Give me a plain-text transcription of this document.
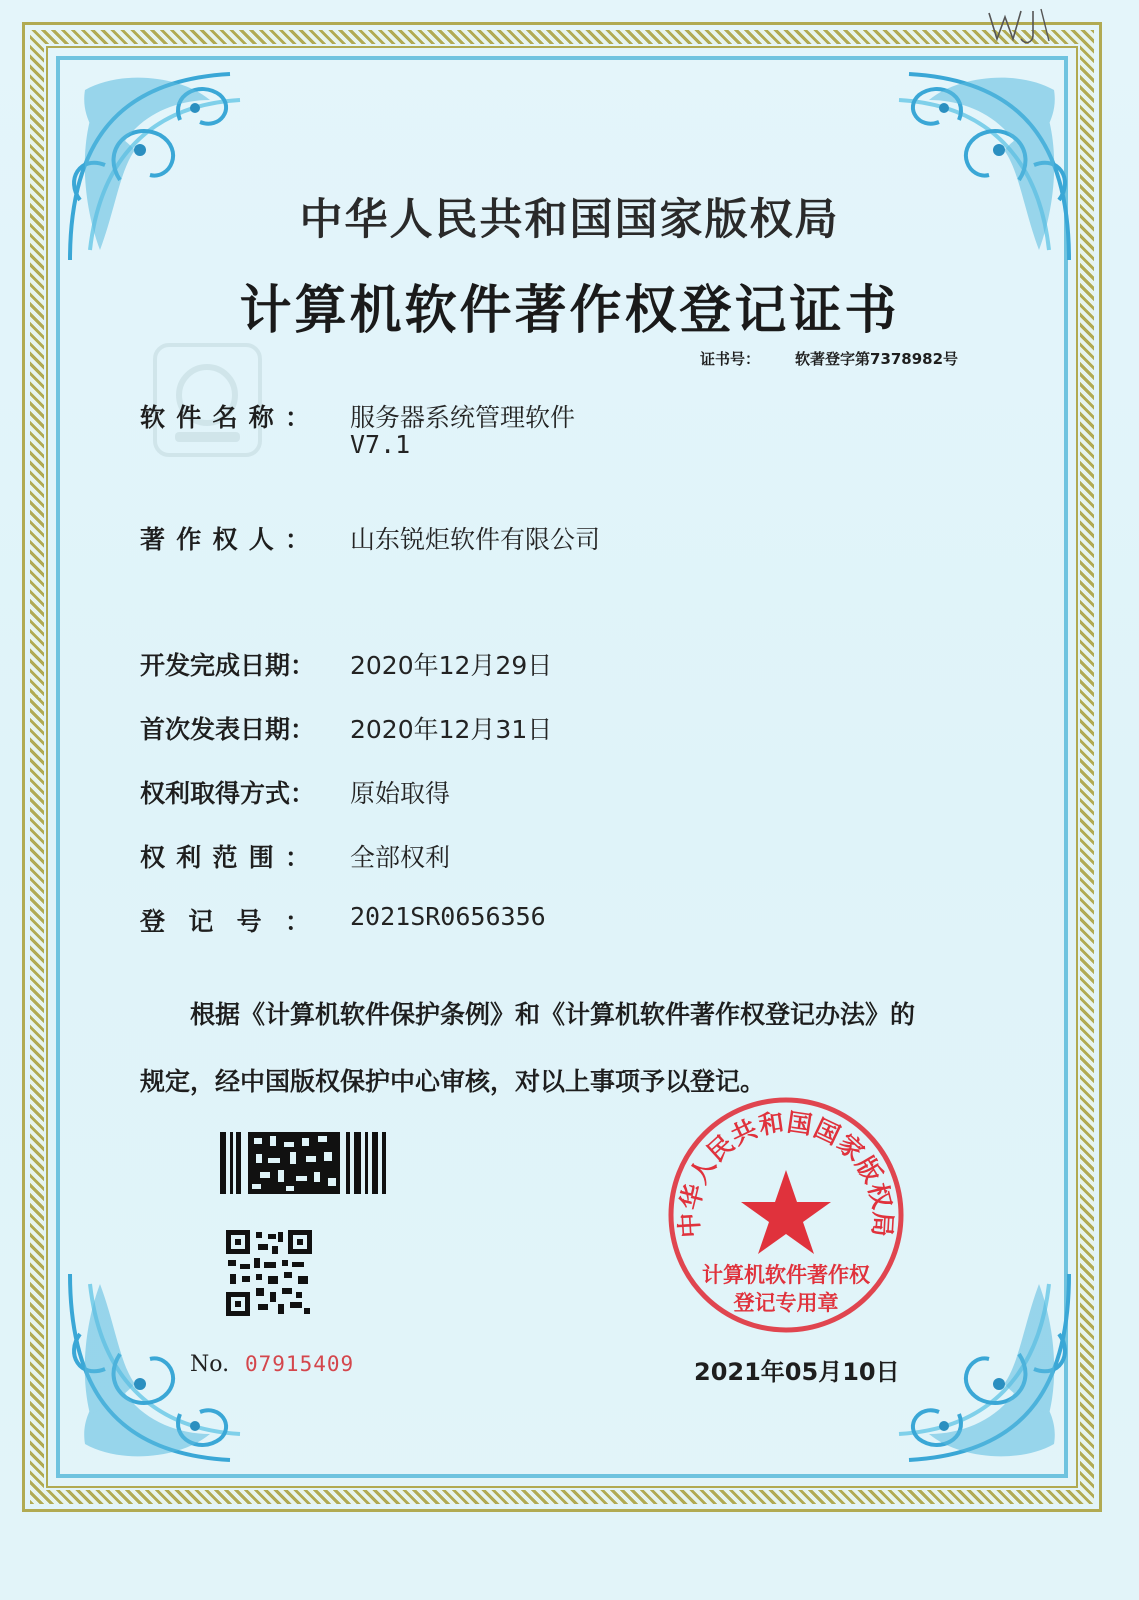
中华人民共和国国家版权局
计算机软件著作权登记证书
证书号： 软著登字第7378982号
软 件 名 称 ： 服务器系统管理软件
V7.1
著 作 权 人 ： 山东锐炬软件有限公司
开发完成日期： 2020年12月29日
首次发表日期： 2020年12月31日
权利取得方式： 原始取得
权 利 范 围 ： 全部权利
登 记 号 ： 2021SR0656356
根据《计算机软件保护条例》和《计算机软件著作权登记办法》的
规定，经中国版权保护中心审核，对以上事项予以登记。
No. 07915409
中华人民共和国国家版权局
计算机软件著作权
登记专用章
2021年05月10日
